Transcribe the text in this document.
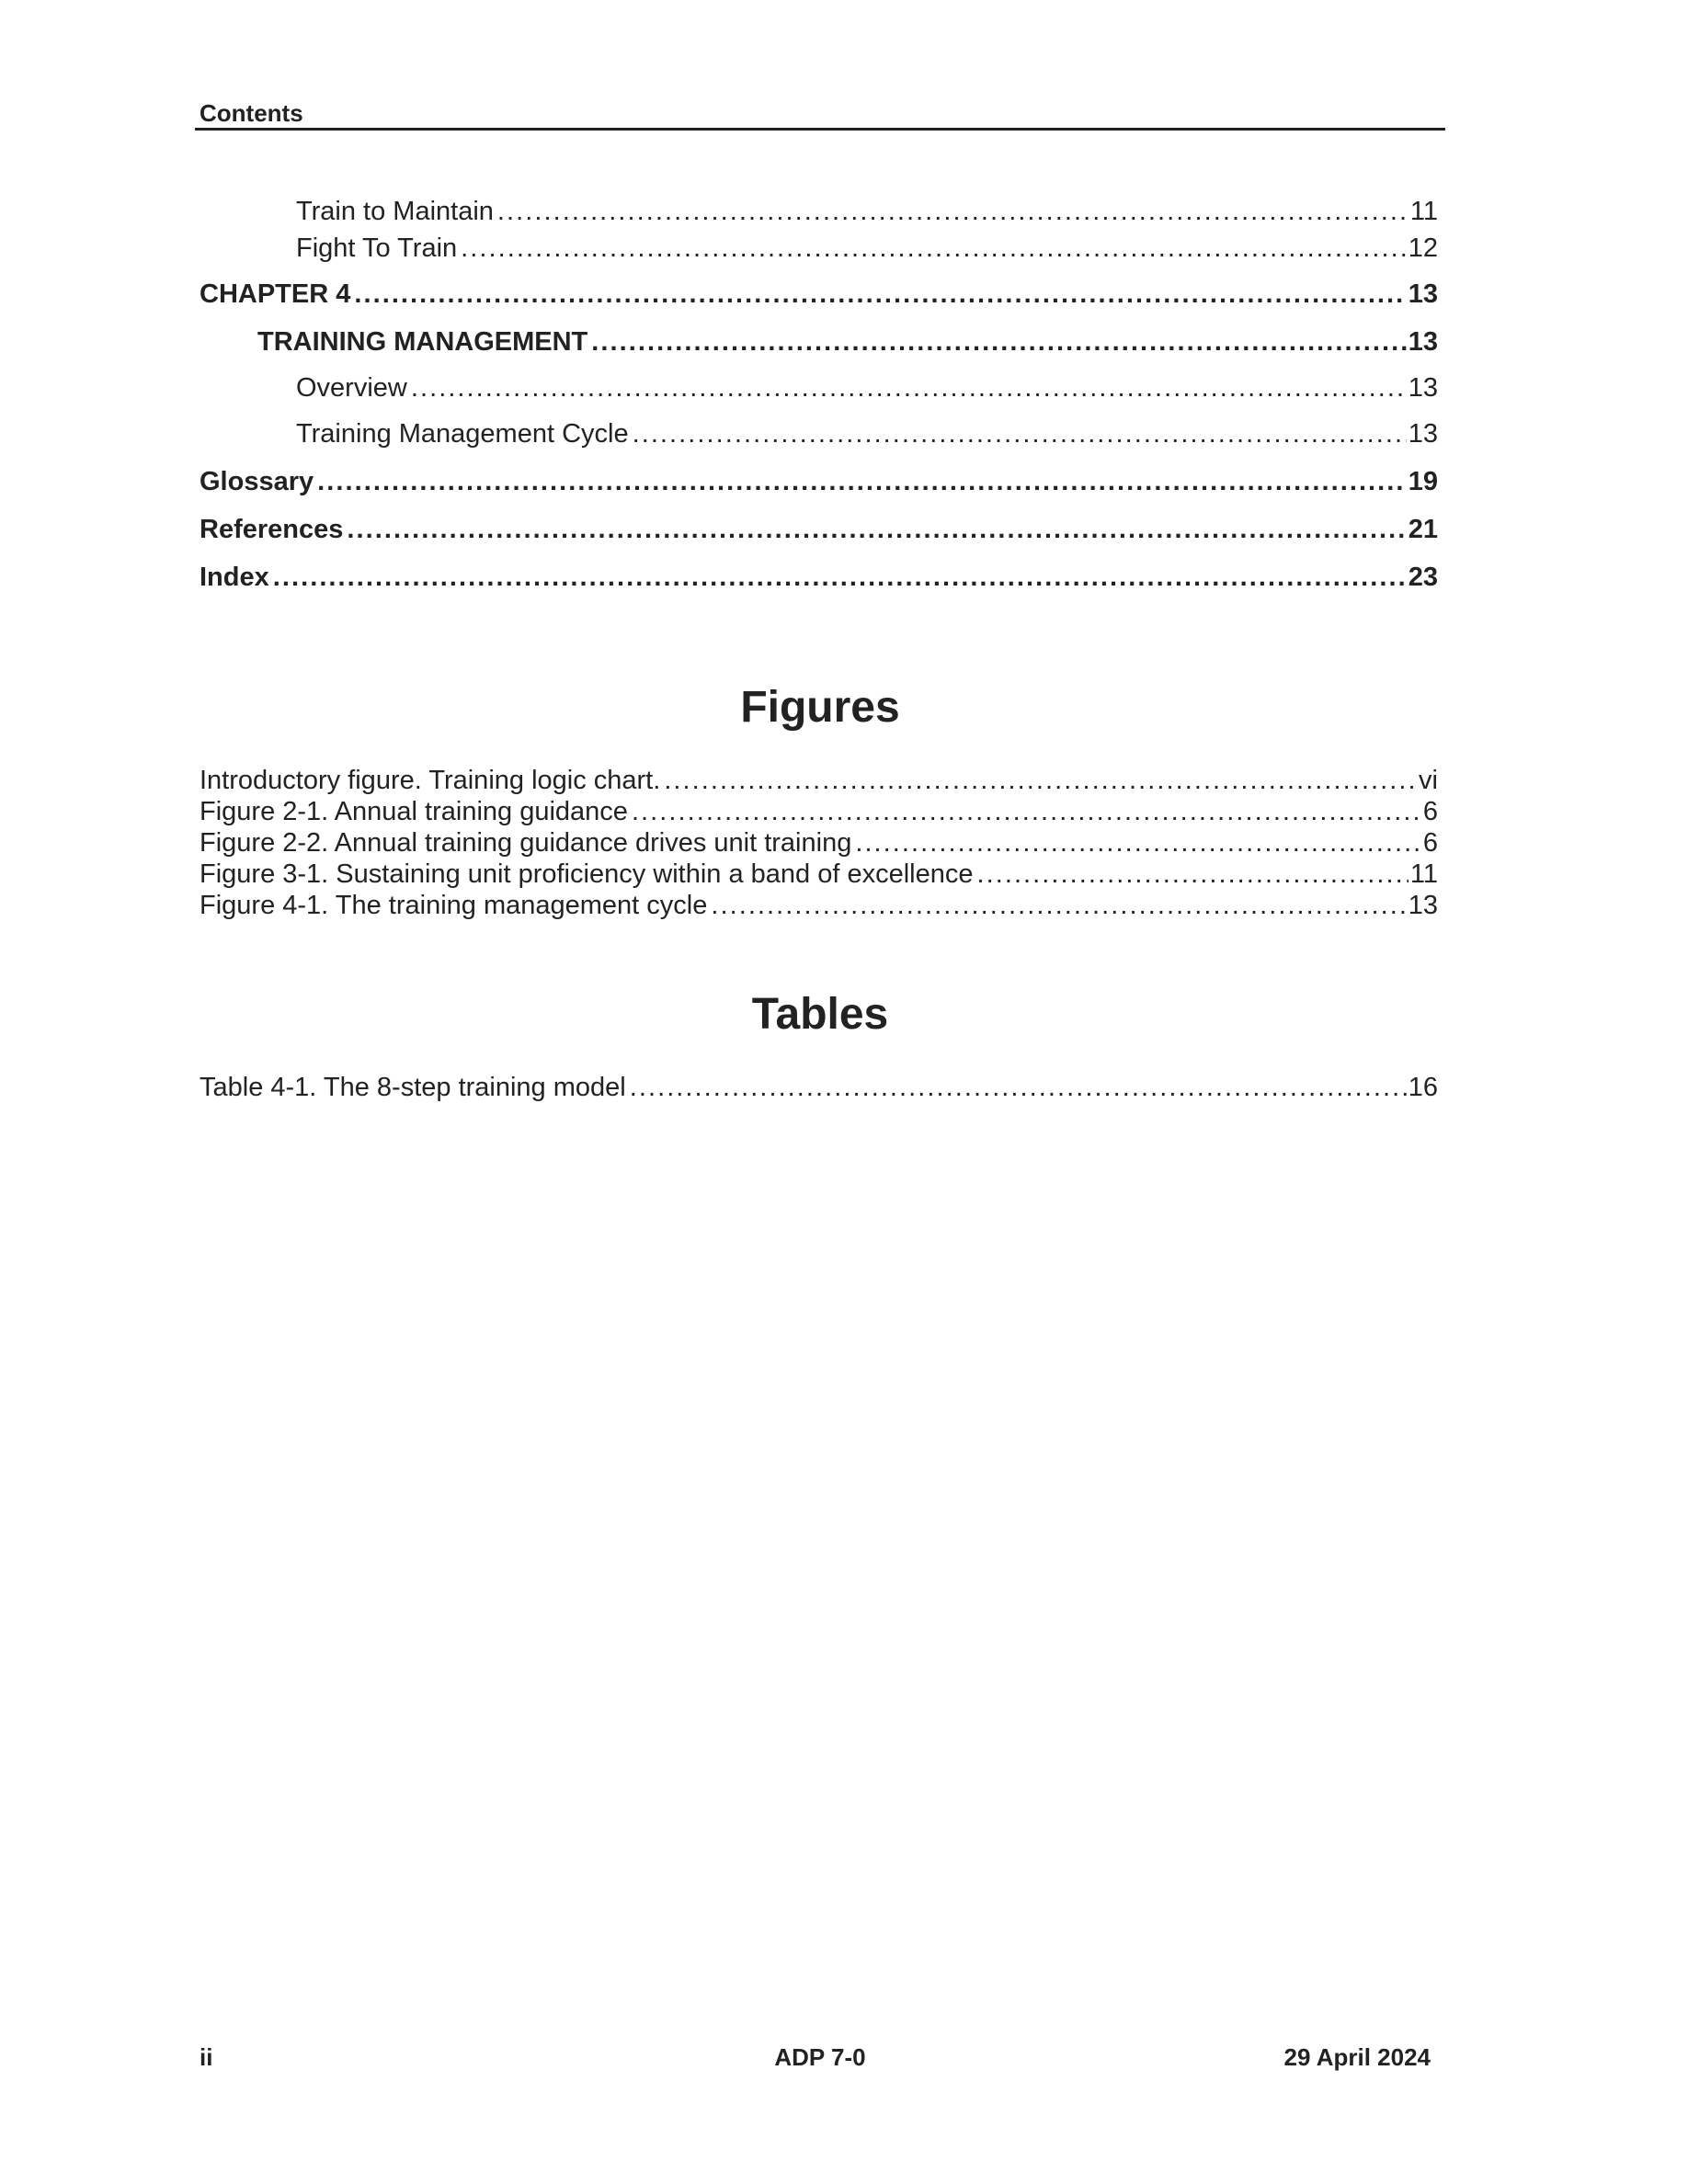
Contents
Train to Maintain . . .	11
Fight To Train . . .	12
CHAPTER 4 . . .	13
TRAINING MANAGEMENT . . .	13
Overview . . .	13
Training Management Cycle . . .	13
Glossary . . .	19
References . . .	21
Index . . .	23
Figures
Introductory figure. Training logic chart. . . .	vi
Figure 2-1. Annual training guidance . . .	6
Figure 2-2. Annual training guidance drives unit training . . .	6
Figure 3-1. Sustaining unit proficiency within a band of excellence . . .	11
Figure 4-1. The training management cycle . . .	13
Tables
Table 4-1. The 8-step training model . . .	16
ii	ADP 7-0	29 April 2024
